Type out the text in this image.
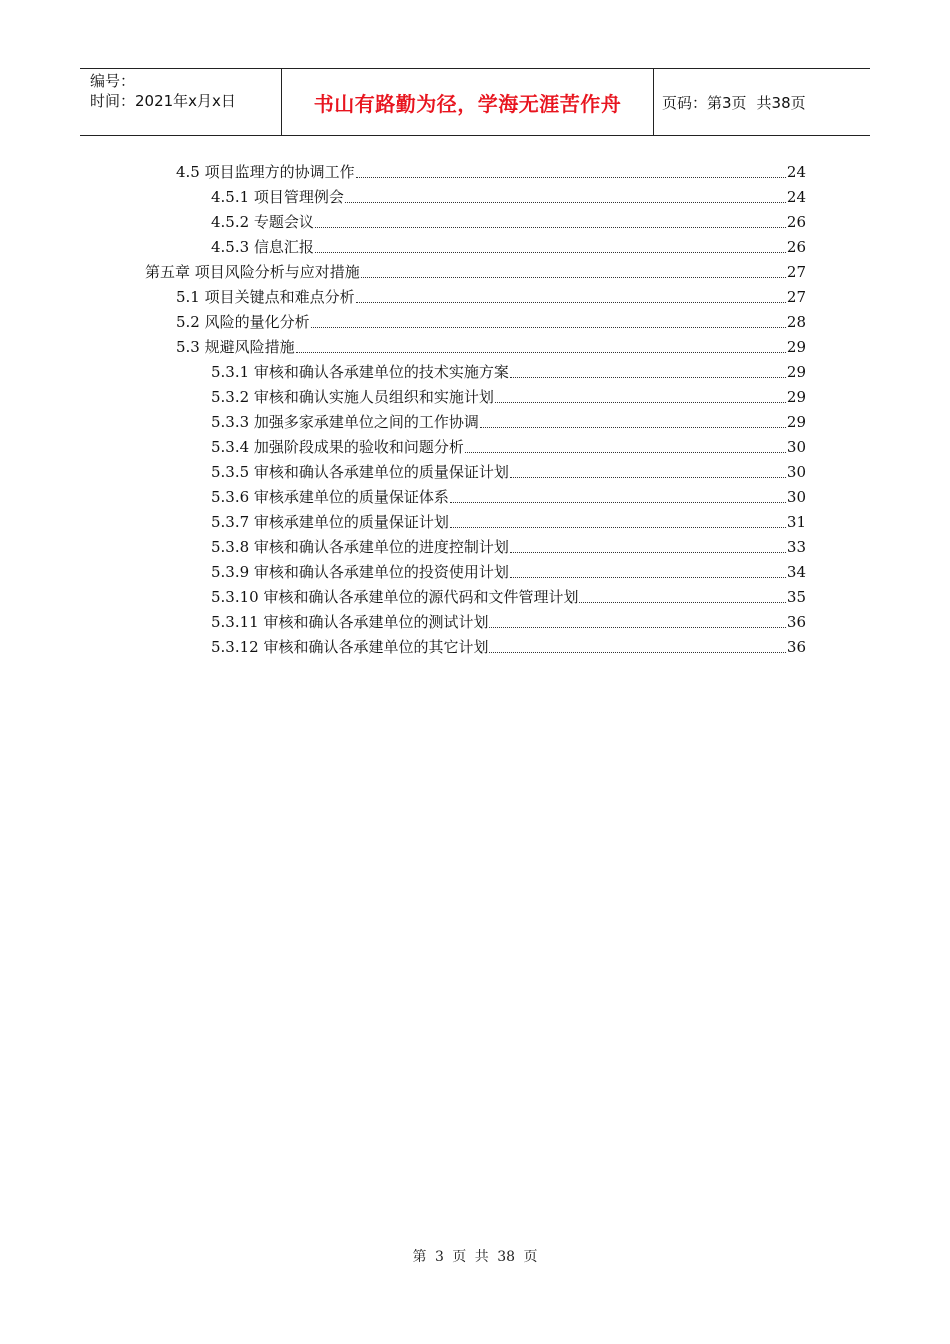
编号：
时间：2021年x月x日	书山有路勤为径，学海无涯苦作舟	页码：第3页 共38页
4.5 项目监理方的协调工作	24
4.5.1 项目管理例会	24
4.5.2 专题会议	26
4.5.3 信息汇报	26
第五章 项目风险分析与应对措施	27
5.1 项目关键点和难点分析	27
5.2 风险的量化分析	28
5.3 规避风险措施	29
5.3.1 审核和确认各承建单位的技术实施方案	29
5.3.2 审核和确认实施人员组织和实施计划	29
5.3.3 加强多家承建单位之间的工作协调	29
5.3.4 加强阶段成果的验收和问题分析	30
5.3.5 审核和确认各承建单位的质量保证计划	30
5.3.6 审核承建单位的质量保证体系	30
5.3.7 审核承建单位的质量保证计划	31
5.3.8 审核和确认各承建单位的进度控制计划	33
5.3.9 审核和确认各承建单位的投资使用计划	34
5.3.10 审核和确认各承建单位的源代码和文件管理计划	35
5.3.11 审核和确认各承建单位的测试计划	36
5.3.12 审核和确认各承建单位的其它计划	36
第 3 页 共 38 页
